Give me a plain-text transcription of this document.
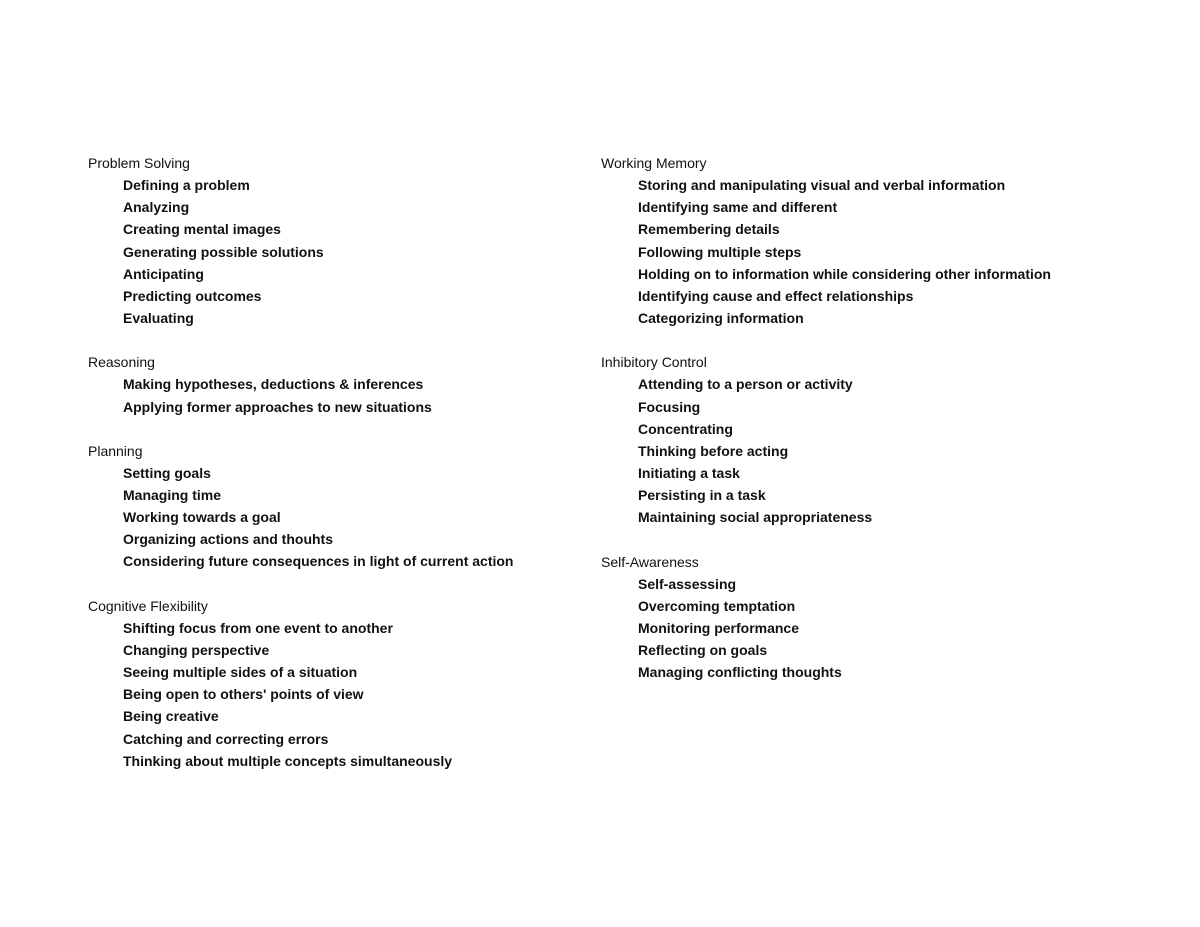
Problem Solving
Defining a problem
Analyzing
Creating mental images
Generating possible solutions
Anticipating
Predicting outcomes
Evaluating
Reasoning
Making hypotheses, deductions & inferences
Applying former approaches to new situations
Planning
Setting goals
Managing time
Working towards a goal
Organizing actions and thouhts
Considering future consequences in light of current action
Cognitive Flexibility
Shifting focus from one event to another
Changing perspective
Seeing multiple sides of a situation
Being open to others' points of view
Being creative
Catching and correcting errors
Thinking about multiple concepts simultaneously
Working Memory
Storing and manipulating visual and verbal information
Identifying same and different
Remembering details
Following multiple steps
Holding on to information while considering other information
Identifying cause and effect relationships
Categorizing information
Inhibitory Control
Attending to a person or activity
Focusing
Concentrating
Thinking before acting
Initiating a task
Persisting in a task
Maintaining social appropriateness
Self-Awareness
Self-assessing
Overcoming temptation
Monitoring performance
Reflecting on goals
Managing conflicting thoughts
